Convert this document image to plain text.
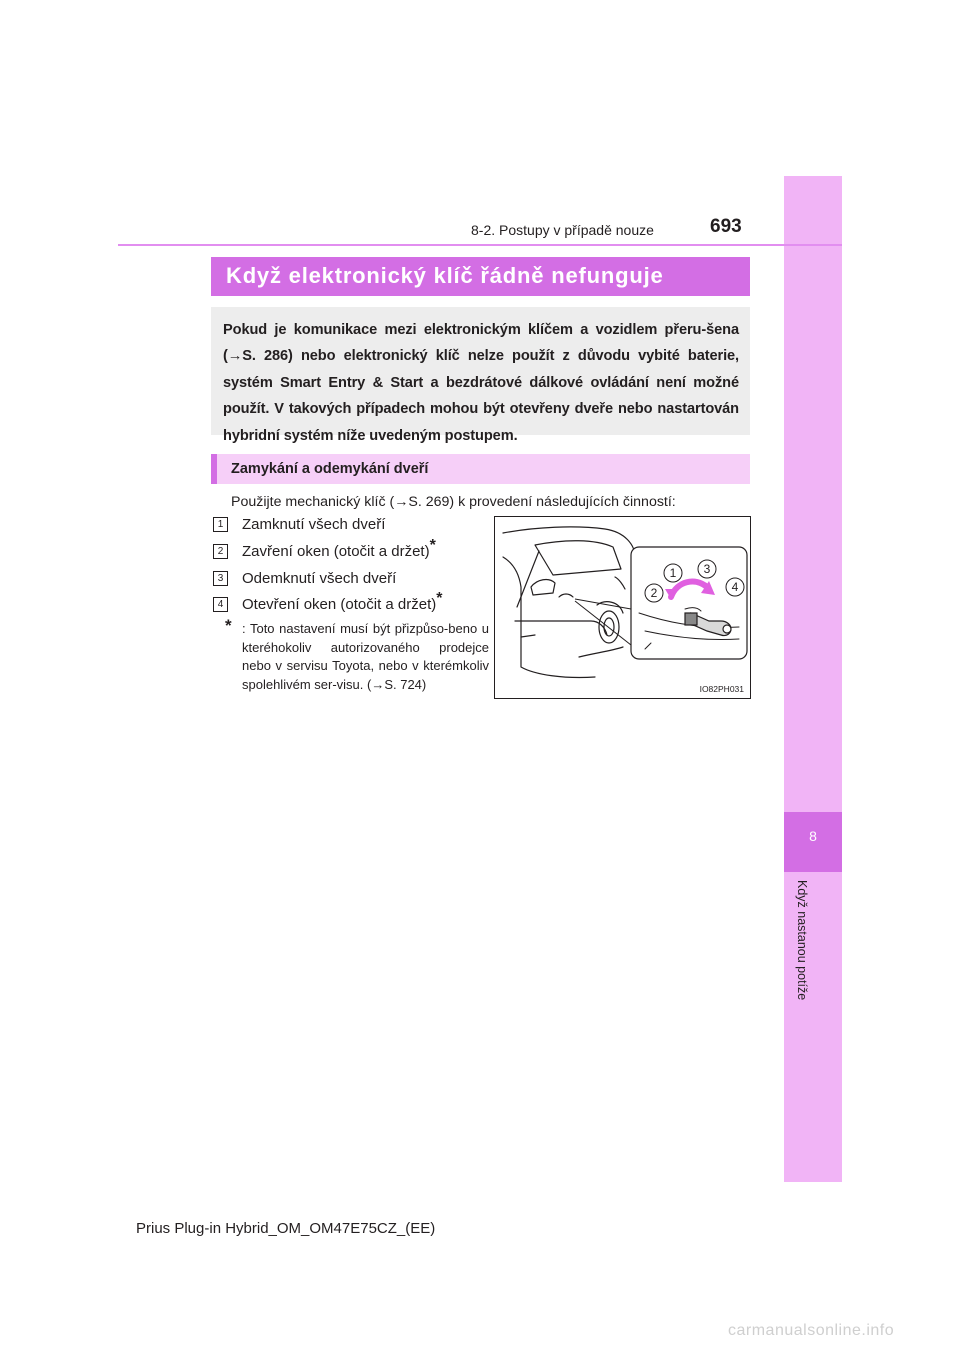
8
Když nastanou potíže
8-2. Postupy v případě nouze	693
Když elektronický klíč řádně nefunguje

Pokud je komunikace mezi elektronickým klíčem a vozidlem přeru-šena (→S. 286) nebo elektronický klíč nelze použít z důvodu vybité baterie, systém Smart Entry & Start a bezdrátové dálkové ovládání není možné použít. V takových případech mohou být otevřeny dveře nebo nastartován hybridní systém níže uvedeným postupem.

Zamykání a odemykání dveří
Použijte mechanický klíč (→S. 269) k provedení následujících činností:
1	Zamknutí všech dveří
2	Zavření oken (otočit a držet)*
3	Odemknutí všech dveří
4	Otevření oken (otočit a držet)*
* : Toto nastavení musí být přizpůso-beno u kteréhokoliv autorizovaného prodejce nebo v servisu Toyota, nebo v kterémkoliv spolehlivém ser-visu. (→S. 724)
1
2
3
4
IO82PH031
Prius Plug-in Hybrid_OM_OM47E75CZ_(EE)
carmanualsonline.info
